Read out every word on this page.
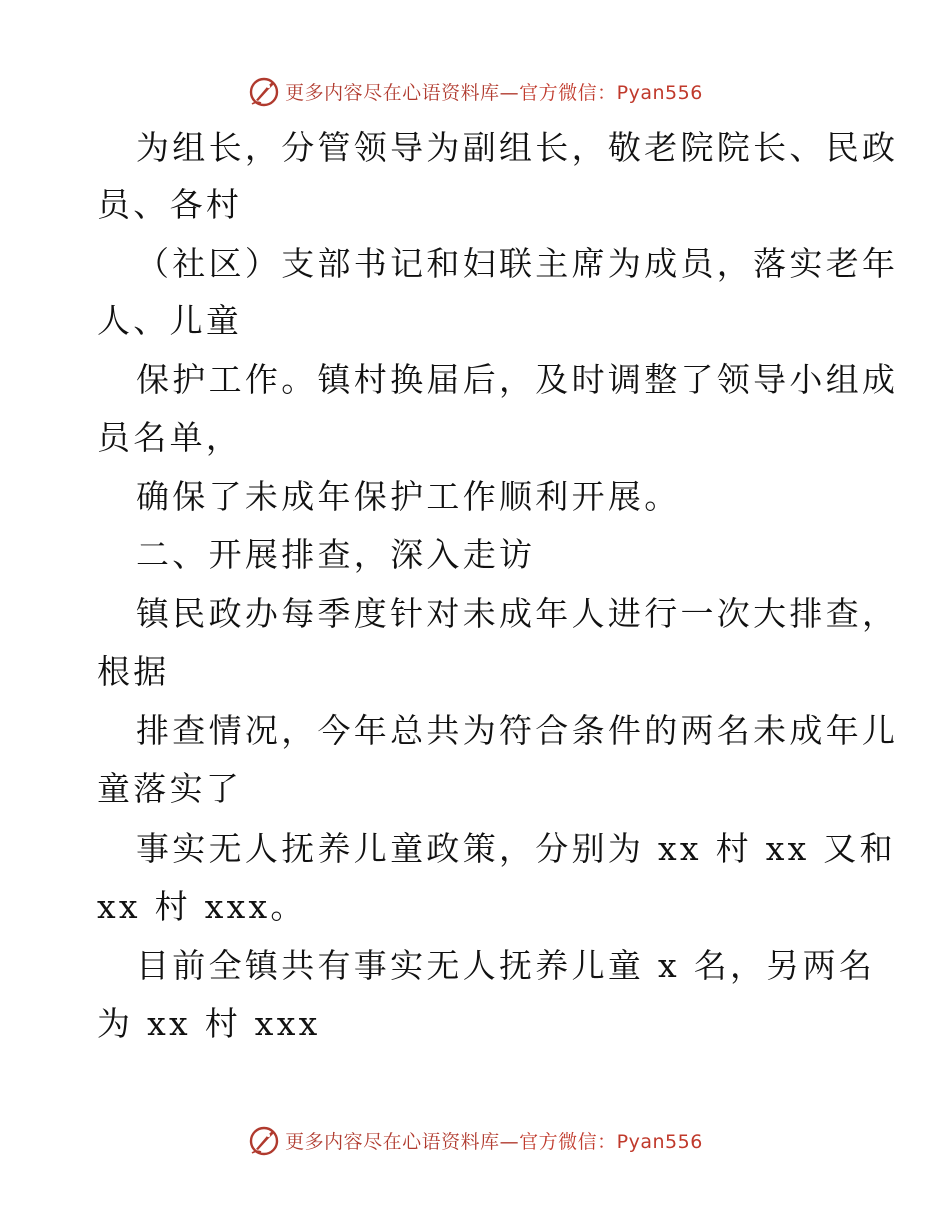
更多内容尽在心语资料库—官方微信：Pyan556
为组长，分管领导为副组长，敬老院院长、民政
员、各村
（社区）支部书记和妇联主席为成员，落实老年
人、儿童
保护工作。镇村换届后，及时调整了领导小组成
员名单，
确保了未成年保护工作顺利开展。
二、开展排查，深入走访
镇民政办每季度针对未成年人进行一次大排查，
根据
排查情况，今年总共为符合条件的两名未成年儿
童落实了
事实无人抚养儿童政策，分别为 xx 村 xx 又和
xx 村 xxx。
目前全镇共有事实无人抚养儿童 x 名，另两名
为 xx 村 xxx
更多内容尽在心语资料库—官方微信：Pyan556
